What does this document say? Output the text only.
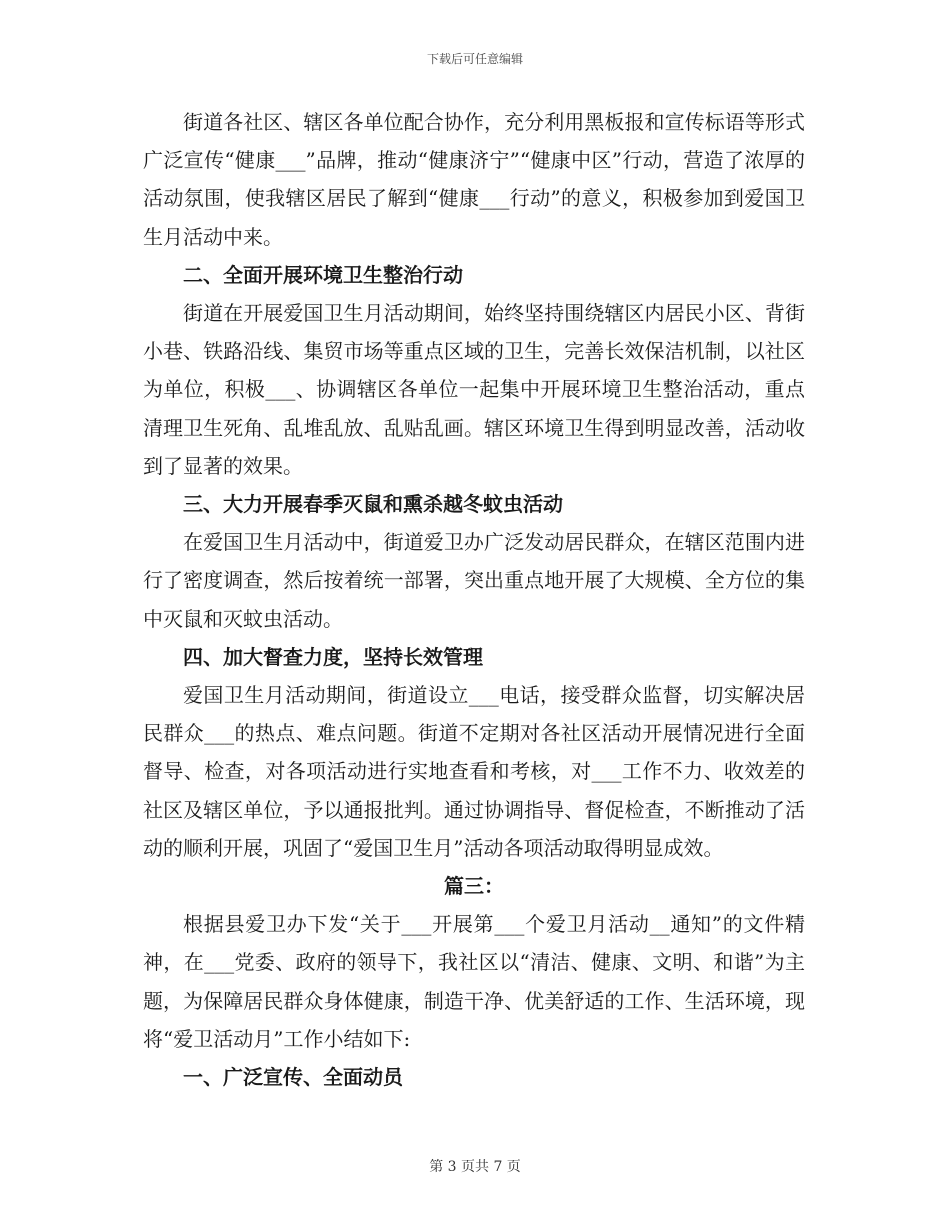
下载后可任意编辑

街道各社区、辖区各单位配合协作，充分利用黑板报和宣传标语等形式广泛宣传“健康___”品牌，推动“健康济宁”“健康中区”行动，营造了浓厚的活动氛围，使我辖区居民了解到“健康___行动”的意义，积极参加到爱国卫生月活动中来。

二、全面开展环境卫生整治行动

街道在开展爱国卫生月活动期间，始终坚持围绕辖区内居民小区、背街小巷、铁路沿线、集贸市场等重点区域的卫生，完善长效保洁机制，以社区为单位，积极___、协调辖区各单位一起集中开展环境卫生整治活动，重点清理卫生死角、乱堆乱放、乱贴乱画。辖区环境卫生得到明显改善，活动收到了显著的效果。

三、大力开展春季灭鼠和熏杀越冬蚊虫活动

在爱国卫生月活动中，街道爱卫办广泛发动居民群众，在辖区范围内进行了密度调查，然后按着统一部署，突出重点地开展了大规模、全方位的集中灭鼠和灭蚊虫活动。

四、加大督查力度，坚持长效管理

爱国卫生月活动期间，街道设立___电话，接受群众监督，切实解决居民群众___的热点、难点问题。街道不定期对各社区活动开展情况进行全面督导、检查，对各项活动进行实地查看和考核，对___工作不力、收效差的社区及辖区单位，予以通报批判。通过协调指导、督促检查，不断推动了活动的顺利开展，巩固了“爱国卫生月”活动各项活动取得明显成效。

篇三：

根据县爱卫办下发“关于___开展第___个爱卫月活动__通知”的文件精神，在___党委、政府的领导下，我社区以“清洁、健康、文明、和谐”为主题，为保障居民群众身体健康，制造干净、优美舒适的工作、生活环境，现将“爱卫活动月”工作小结如下:

一、广泛宣传、全面动员

第 3 页共 7 页
